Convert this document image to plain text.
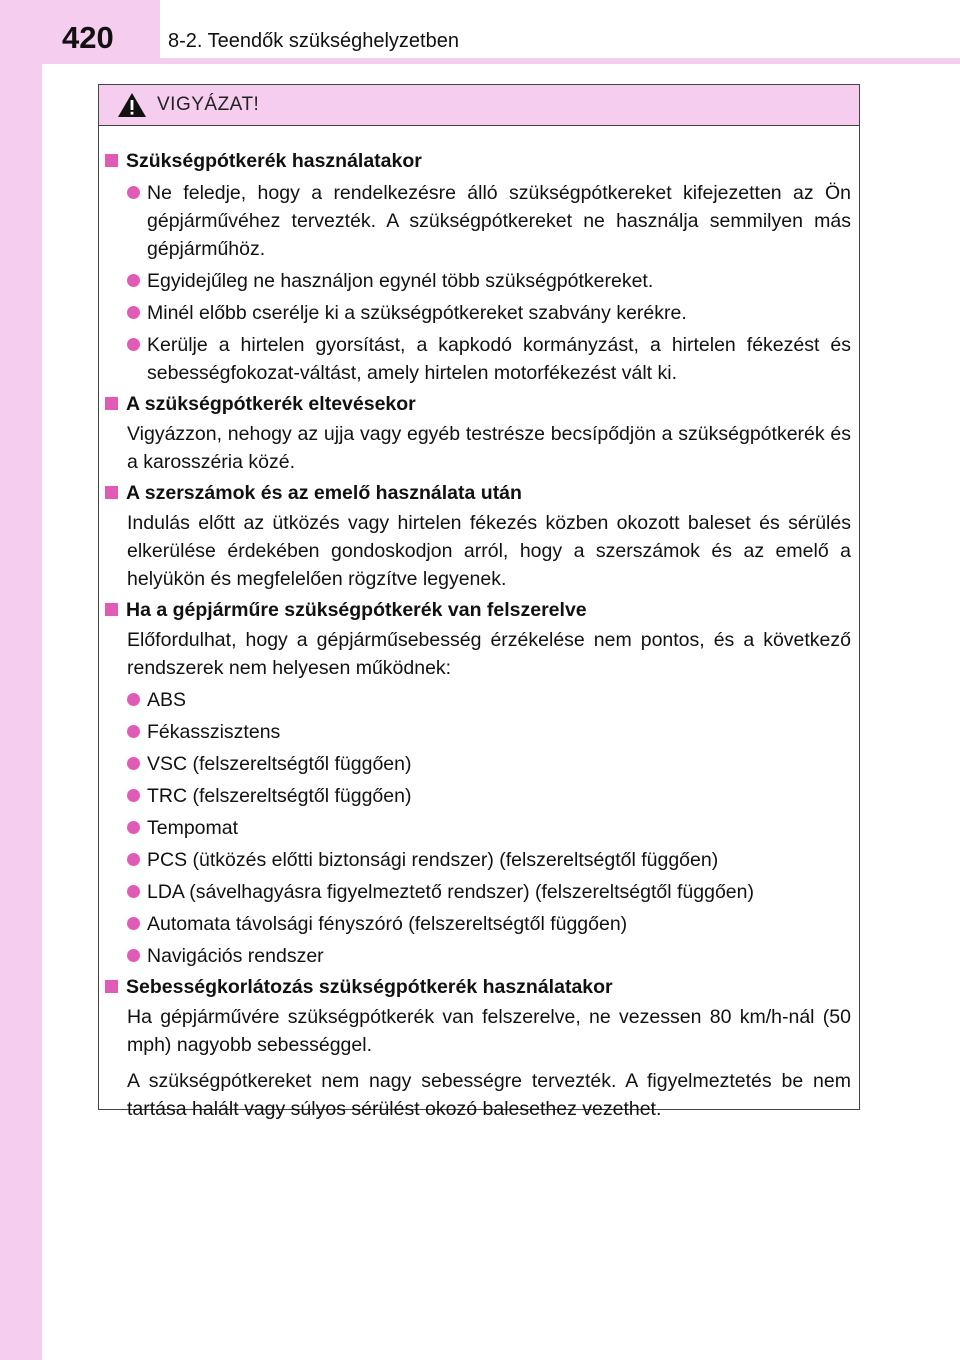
420	8-2. Teendők szükséghelyzetben
VIGYÁZAT!
Szükségpótkerék használatakor
Ne feledje, hogy a rendelkezésre álló szükségpótkereket kifejezetten az Ön gépjárművéhez tervezték. A szükségpótkereket ne használja semmilyen más gépjárműhöz.
Egyidejűleg ne használjon egynél több szükségpótkereket.
Minél előbb cserélje ki a szükségpótkereket szabvány kerékre.
Kerülje a hirtelen gyorsítást, a kapkodó kormányzást, a hirtelen fékezést és sebességfokozat-váltást, amely hirtelen motorfékezést vált ki.
A szükségpótkerék eltevésekor
Vigyázzon, nehogy az ujja vagy egyéb testrésze becsípődjön a szükségpótkerék és a karosszéria közé.
A szerszámok és az emelő használata után
Indulás előtt az ütközés vagy hirtelen fékezés közben okozott baleset és sérülés elkerülése érdekében gondoskodjon arról, hogy a szerszámok és az emelő a helyükön és megfelelően rögzítve legyenek.
Ha a gépjárműre szükségpótkerék van felszerelve
Előfordulhat, hogy a gépjárműsebesség érzékelése nem pontos, és a következő rendszerek nem helyesen működnek:
ABS
Fékasszisztens
VSC (felszereltségtől függően)
TRC (felszereltségtől függően)
Tempomat
PCS (ütközés előtti biztonsági rendszer) (felszereltségtől függően)
LDA (sávelhagyásra figyelmeztető rendszer) (felszereltségtől függően)
Automata távolsági fényszóró (felszereltségtől függően)
Navigációs rendszer
Sebességkorlátozás szükségpótkerék használatakor
Ha gépjárművére szükségpótkerék van felszerelve, ne vezessen 80 km/h-nál (50 mph) nagyobb sebességgel.
A szükségpótkereket nem nagy sebességre tervezték. A figyelmeztetés be nem tartása halált vagy súlyos sérülést okozó balesethez vezethet.
